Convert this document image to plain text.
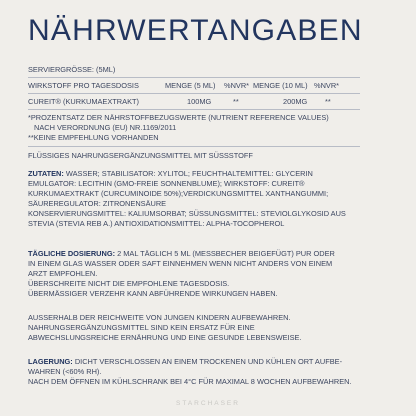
NÄHRWERTANGABEN
SERVIERGRÖSSE: (5ML)
WIRKSTOFF PRO TAGESDOSIS	MENGE (5 ML) %NVR* MENGE (10 ML) %NVR*
CUREIT® (KURKUMAEXTRAKT)	100MG	**	200MG **
*PROZENTSATZ DER NÄHRSTOFFBEZUGSWERTE (NUTRIENT REFERENCE VALUES)
NACH VERORDNUNG (EU) NR.1169/2011
**KEINE EMPFEHLUNG VORHANDEN
FLÜSSIGES NAHRUNGSERGÄNZUNGSMITTEL MIT SÜSSSTOFF
ZUTATEN: WASSER; STABILISATOR: XYLITOL; FEUCHTHALTEMITTEL: GLYCERIN
EMULGATOR: LECITHIN (GMO-FREIE SONNENBLUME); WIRKSTOFF: CUREIT®
KURKUMAEXTRAKT (CURCUMINOIDE 50%);VERDICKUNGSMITTEL XANTHANGUMMI;
SÄUREREGULATOR: ZITRONENSÄURE
KONSERVIERUNGSMITTEL: KALIUMSORBAT; SÜSSUNGSMITTEL: STEVIOLGLYKOSID AUS
STEVIA (STEVIA REB A.) ANTIOXIDATIONSMITTEL: ALPHA-TOCOPHEROL
TÄGLICHE DOSIERUNG: 2 MAL TÄGLICH 5 ML (MESSBECHER BEIGEFÜGT) PUR ODER
IN EINEM GLAS WASSER ODER SAFT EINNEHMEN WENN NICHT ANDERS VON EINEM
ARZT EMPFOHLEN.
ÜBERSCHREITE NICHT DIE EMPFOHLENE TAGESDOSIS.
ÜBERMÄSSIGER VERZEHR KANN ABFÜHRENDE WIRKUNGEN HABEN.
AUSSERHALB DER REICHWEITE VON JUNGEN KINDERN AUFBEWAHREN.
NAHRUNGSERGÄNZUNGSMITTEL SIND KEIN ERSATZ FÜR EINE
ABWECHSLUNGSREICHE ERNÄHRUNG UND EINE GESUNDE LEBENSWEISE.
LAGERUNG: DICHT VERSCHLOSSEN AN EINEM TROCKENEN UND KÜHLEN ORT AUFBE-
WAHREN (<60% RH).
NACH DEM ÖFFNEN IM KÜHLSCHRANK BEI 4°C FÜR MAXIMAL 8 WOCHEN AUFBEWAHREN.
STARCHASER
